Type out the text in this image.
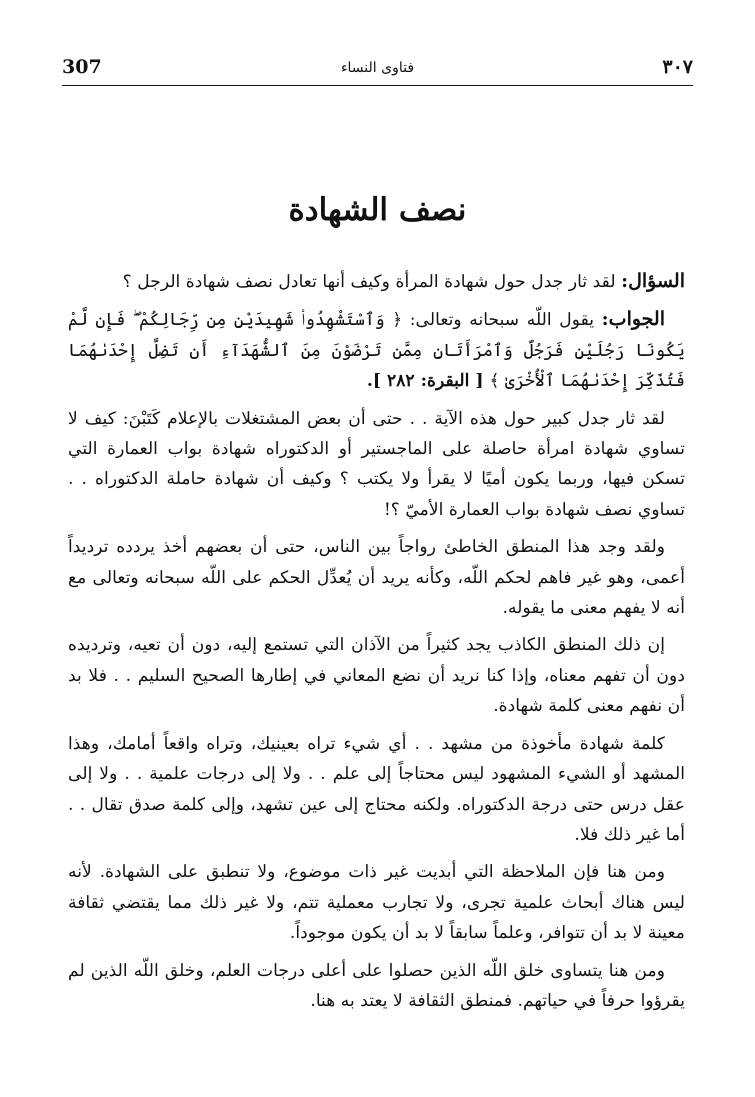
307	فتاوى النساء	٣٠٧
نصف الشهادة

السؤال: لقد ثار جدل حول شهادة المرأة وكيف أنها تعادل نصف شهادة الرجل ؟

الجواب: يقول اللّه سبحانه وتعالى: ﴿ وَٱسْتَشْهِدُوا۟ شَهِيدَيْنِ مِن رِّجَالِكُمْ ۖ فَإِن لَّمْ يَكُونَا رَجُلَيْنِ فَرَجُلٌ وَٱمْرَأَتَانِ مِمَّن تَرْضَوْنَ مِنَ ٱلشُّهَدَآءِ أَن تَضِلَّ إِحْدَىٰهُمَا فَتُذَكِّرَ إِحْدَىٰهُمَا ٱلْأُخْرَىٰ ﴾ [ البقرة: ٢٨٢ ].

لقد ثار جدل كبير حول هذه الآية . . حتى أن بعض المشتغلات بالإعلام كَتَبْنَ: كيف لا تساوي شهادة امرأة حاصلة على الماجستير أو الدكتوراه شهادة بواب العمارة التي تسكن فيها، وربما يكون أميًا لا يقرأ ولا يكتب ؟ وكيف أن شهادة حاملة الدكتوراه . . تساوي نصف شهادة بواب العمارة الأميّ ؟!

ولقد وجد هذا المنطق الخاطئ رواجاً بين الناس، حتى أن بعضهم أخذ يردده ترديداً أعمى، وهو غير فاهم لحكم اللّه، وكأنه يريد أن يُعدِّل الحكم على اللّه سبحانه وتعالى مع أنه لا يفهم معنى ما يقوله.

إن ذلك المنطق الكاذب يجد كثيراً من الآذان التي تستمع إليه، دون أن تعيه، وترديده دون أن تفهم معناه، وإذا كنا نريد أن نضع المعاني في إطارها الصحيح السليم . . فلا بد أن نفهم معنى كلمة شهادة.

كلمة شهادة مأخوذة من مشهد . . أي شيء تراه بعينيك، وتراه واقعاً أمامك، وهذا المشهد أو الشيء المشهود ليس محتاجاً إلى علم . . ولا إلى درجات علمية . . ولا إلى عقل درس حتى درجة الدكتوراه. ولكنه محتاج إلى عين تشهد، وإلى كلمة صدق تقال . . أما غير ذلك فلا.

ومن هنا فإن الملاحظة التي أبديت غير ذات موضوع، ولا تنطبق على الشهادة. لأنه ليس هناك أبحاث علمية تجرى، ولا تجارب معملية تتم، ولا غير ذلك مما يقتضي ثقافة معينة لا بد أن تتوافر، وعلماً سابقاً لا بد أن يكون موجوداً.

ومن هنا يتساوى خلق اللّه الذين حصلوا على أعلى درجات العلم، وخلق اللّه الذين لم يقرؤوا حرفاً في حياتهم. فمنطق الثقافة لا يعتد به هنا.
